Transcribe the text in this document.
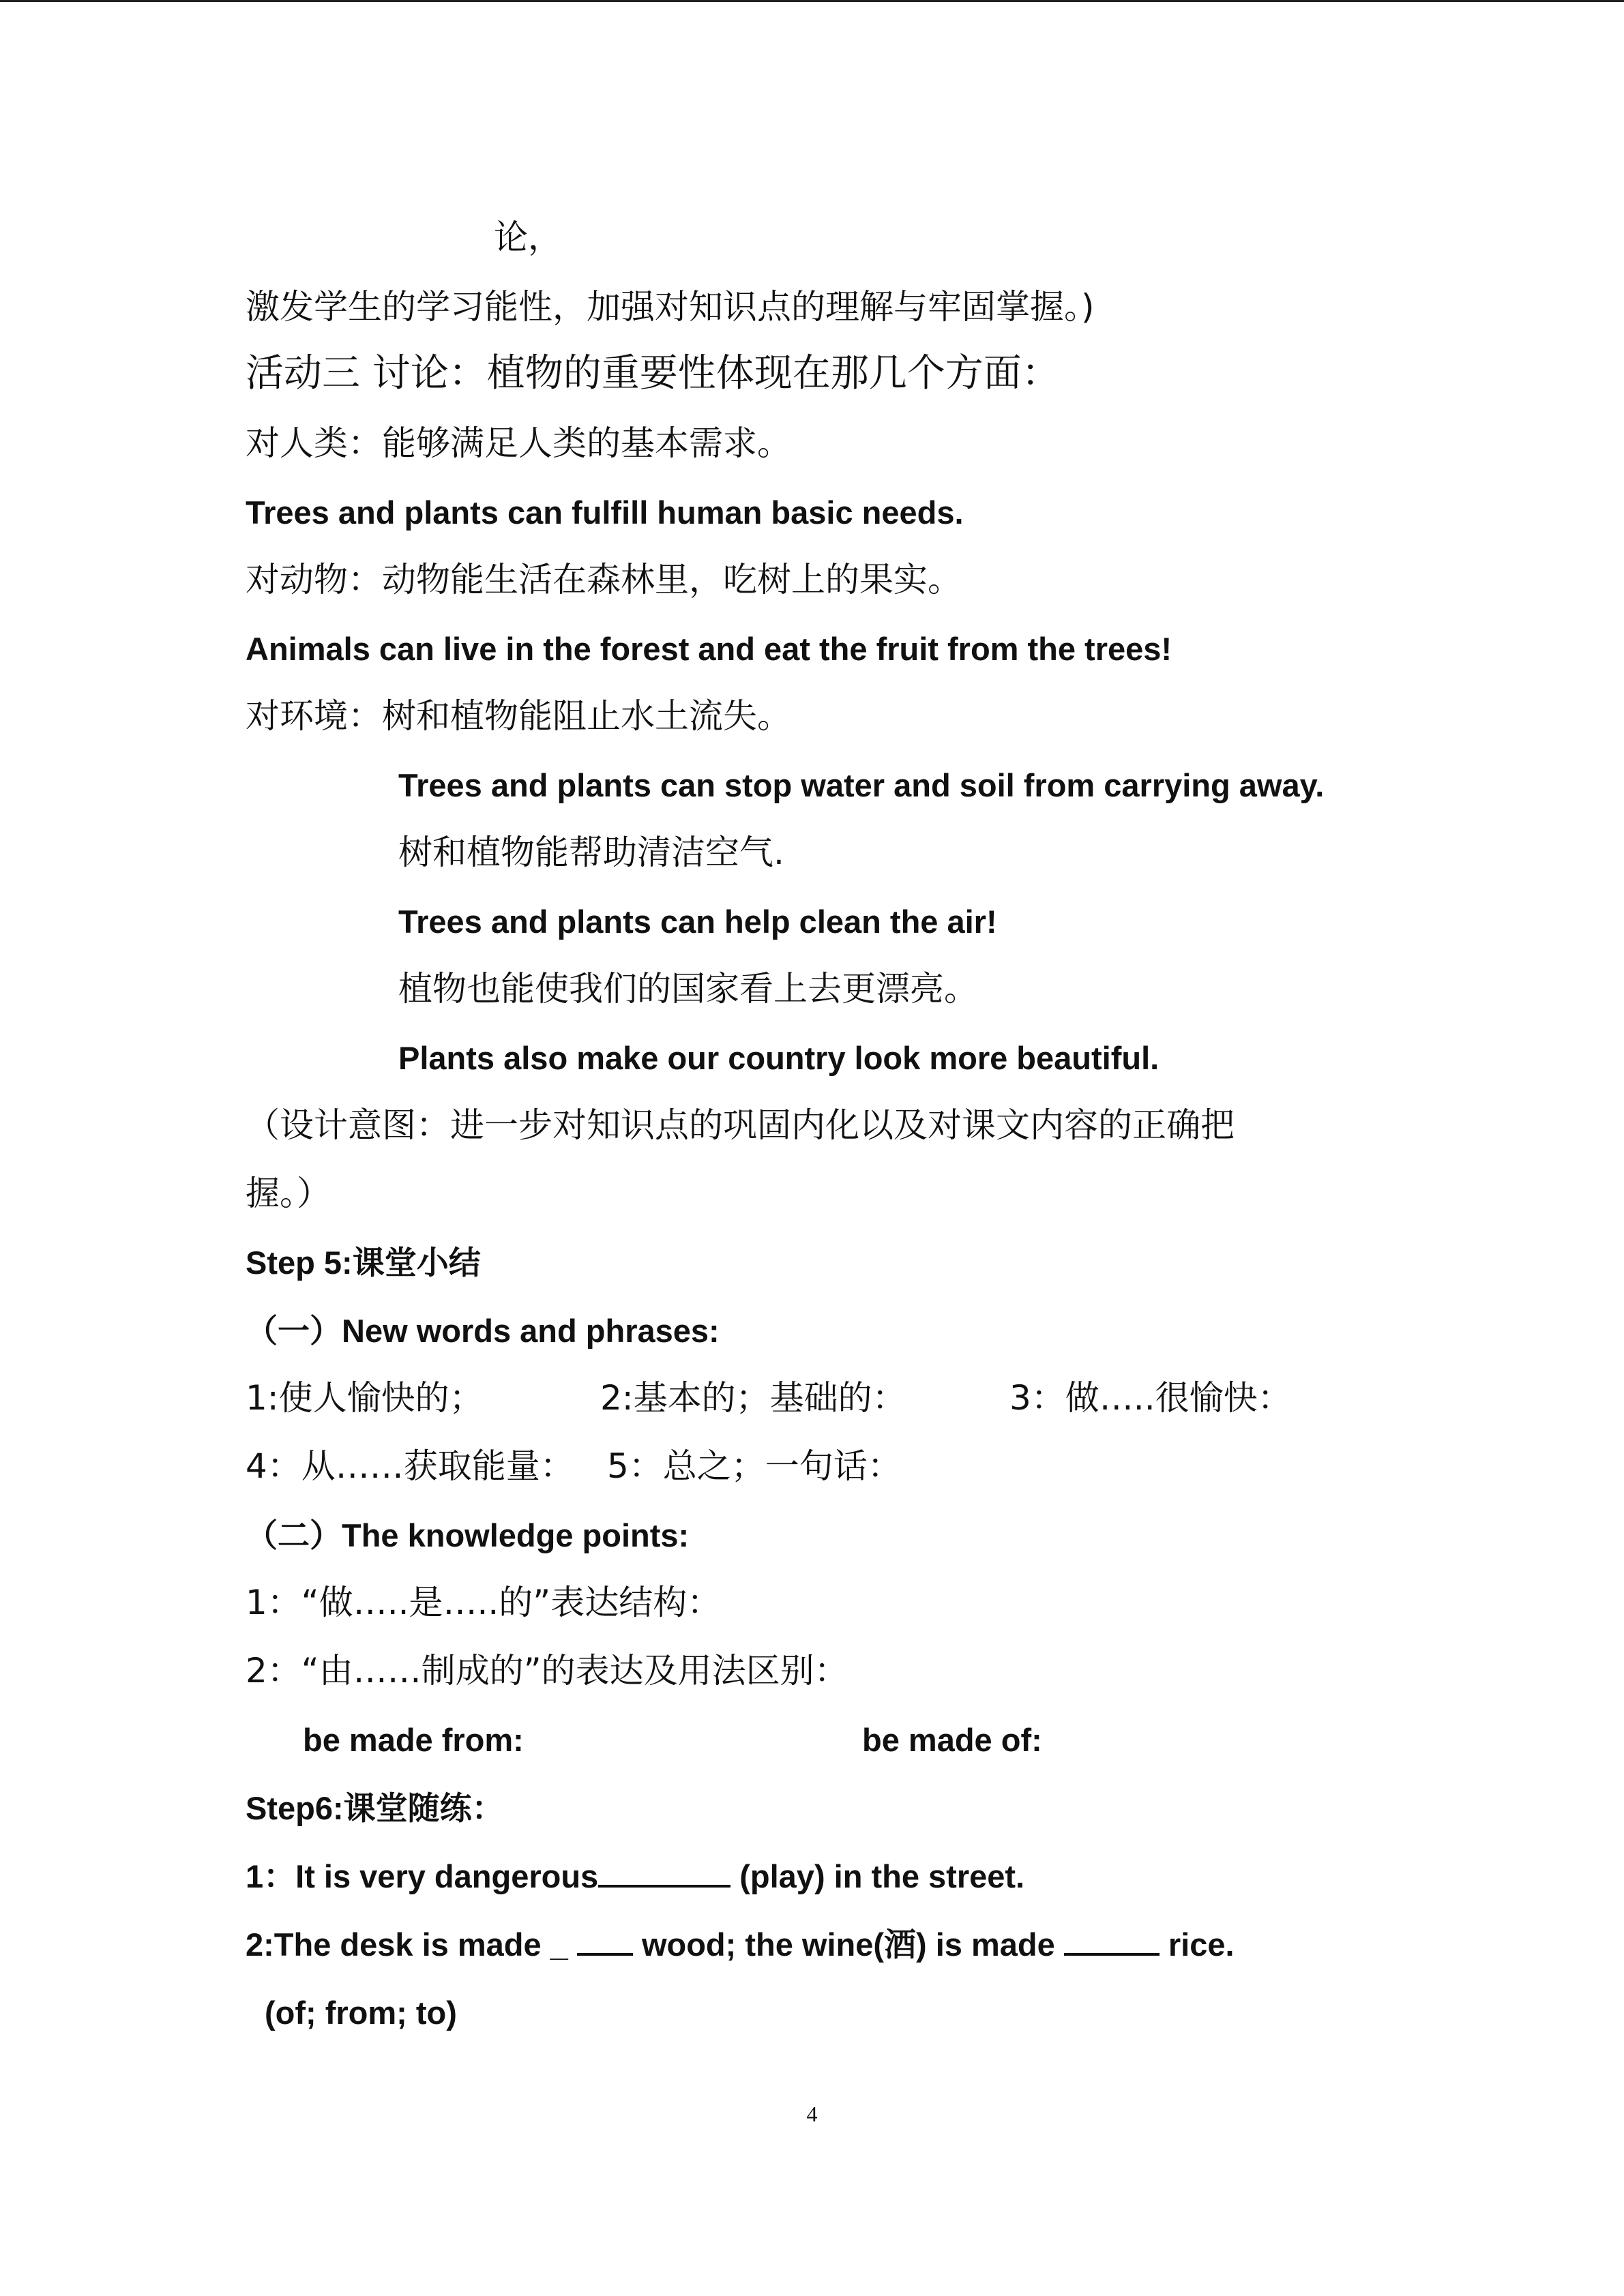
论，
激发学生的学习能性，加强对知识点的理解与牢固掌握。)
活动三 讨论：植物的重要性体现在那几个方面：
对人类：能够满足人类的基本需求。
Trees and plants can fulfill human basic needs.
对动物：动物能生活在森林里，吃树上的果实。
Animals can live in the forest and eat the fruit from the trees!
对环境：树和植物能阻止水土流失。
Trees and plants can stop water and soil from carrying away.
树和植物能帮助清洁空气.
Trees and plants can help clean the air!
植物也能使我们的国家看上去更漂亮。
Plants also make our country look more beautiful.
（设计意图：进一步对知识点的巩固内化以及对课文内容的正确把
握。）
Step 5:课堂小结
（一）New words and phrases:
1:使人愉快的；	2:基本的；基础的：	3：做…..很愉快：
4：从……获取能量： 5：总之；一句话：
（二）The knowledge points:
1：“做…..是…..的”表达结构：
2：“由……制成的”的表达及用法区别：
be made from:	be made of:
Step6:课堂随练：
1：It is very dangerous	(play) in the street.
2:The desk is made _  wood; the wine(酒) is made	rice.
(of; from; to)
4
